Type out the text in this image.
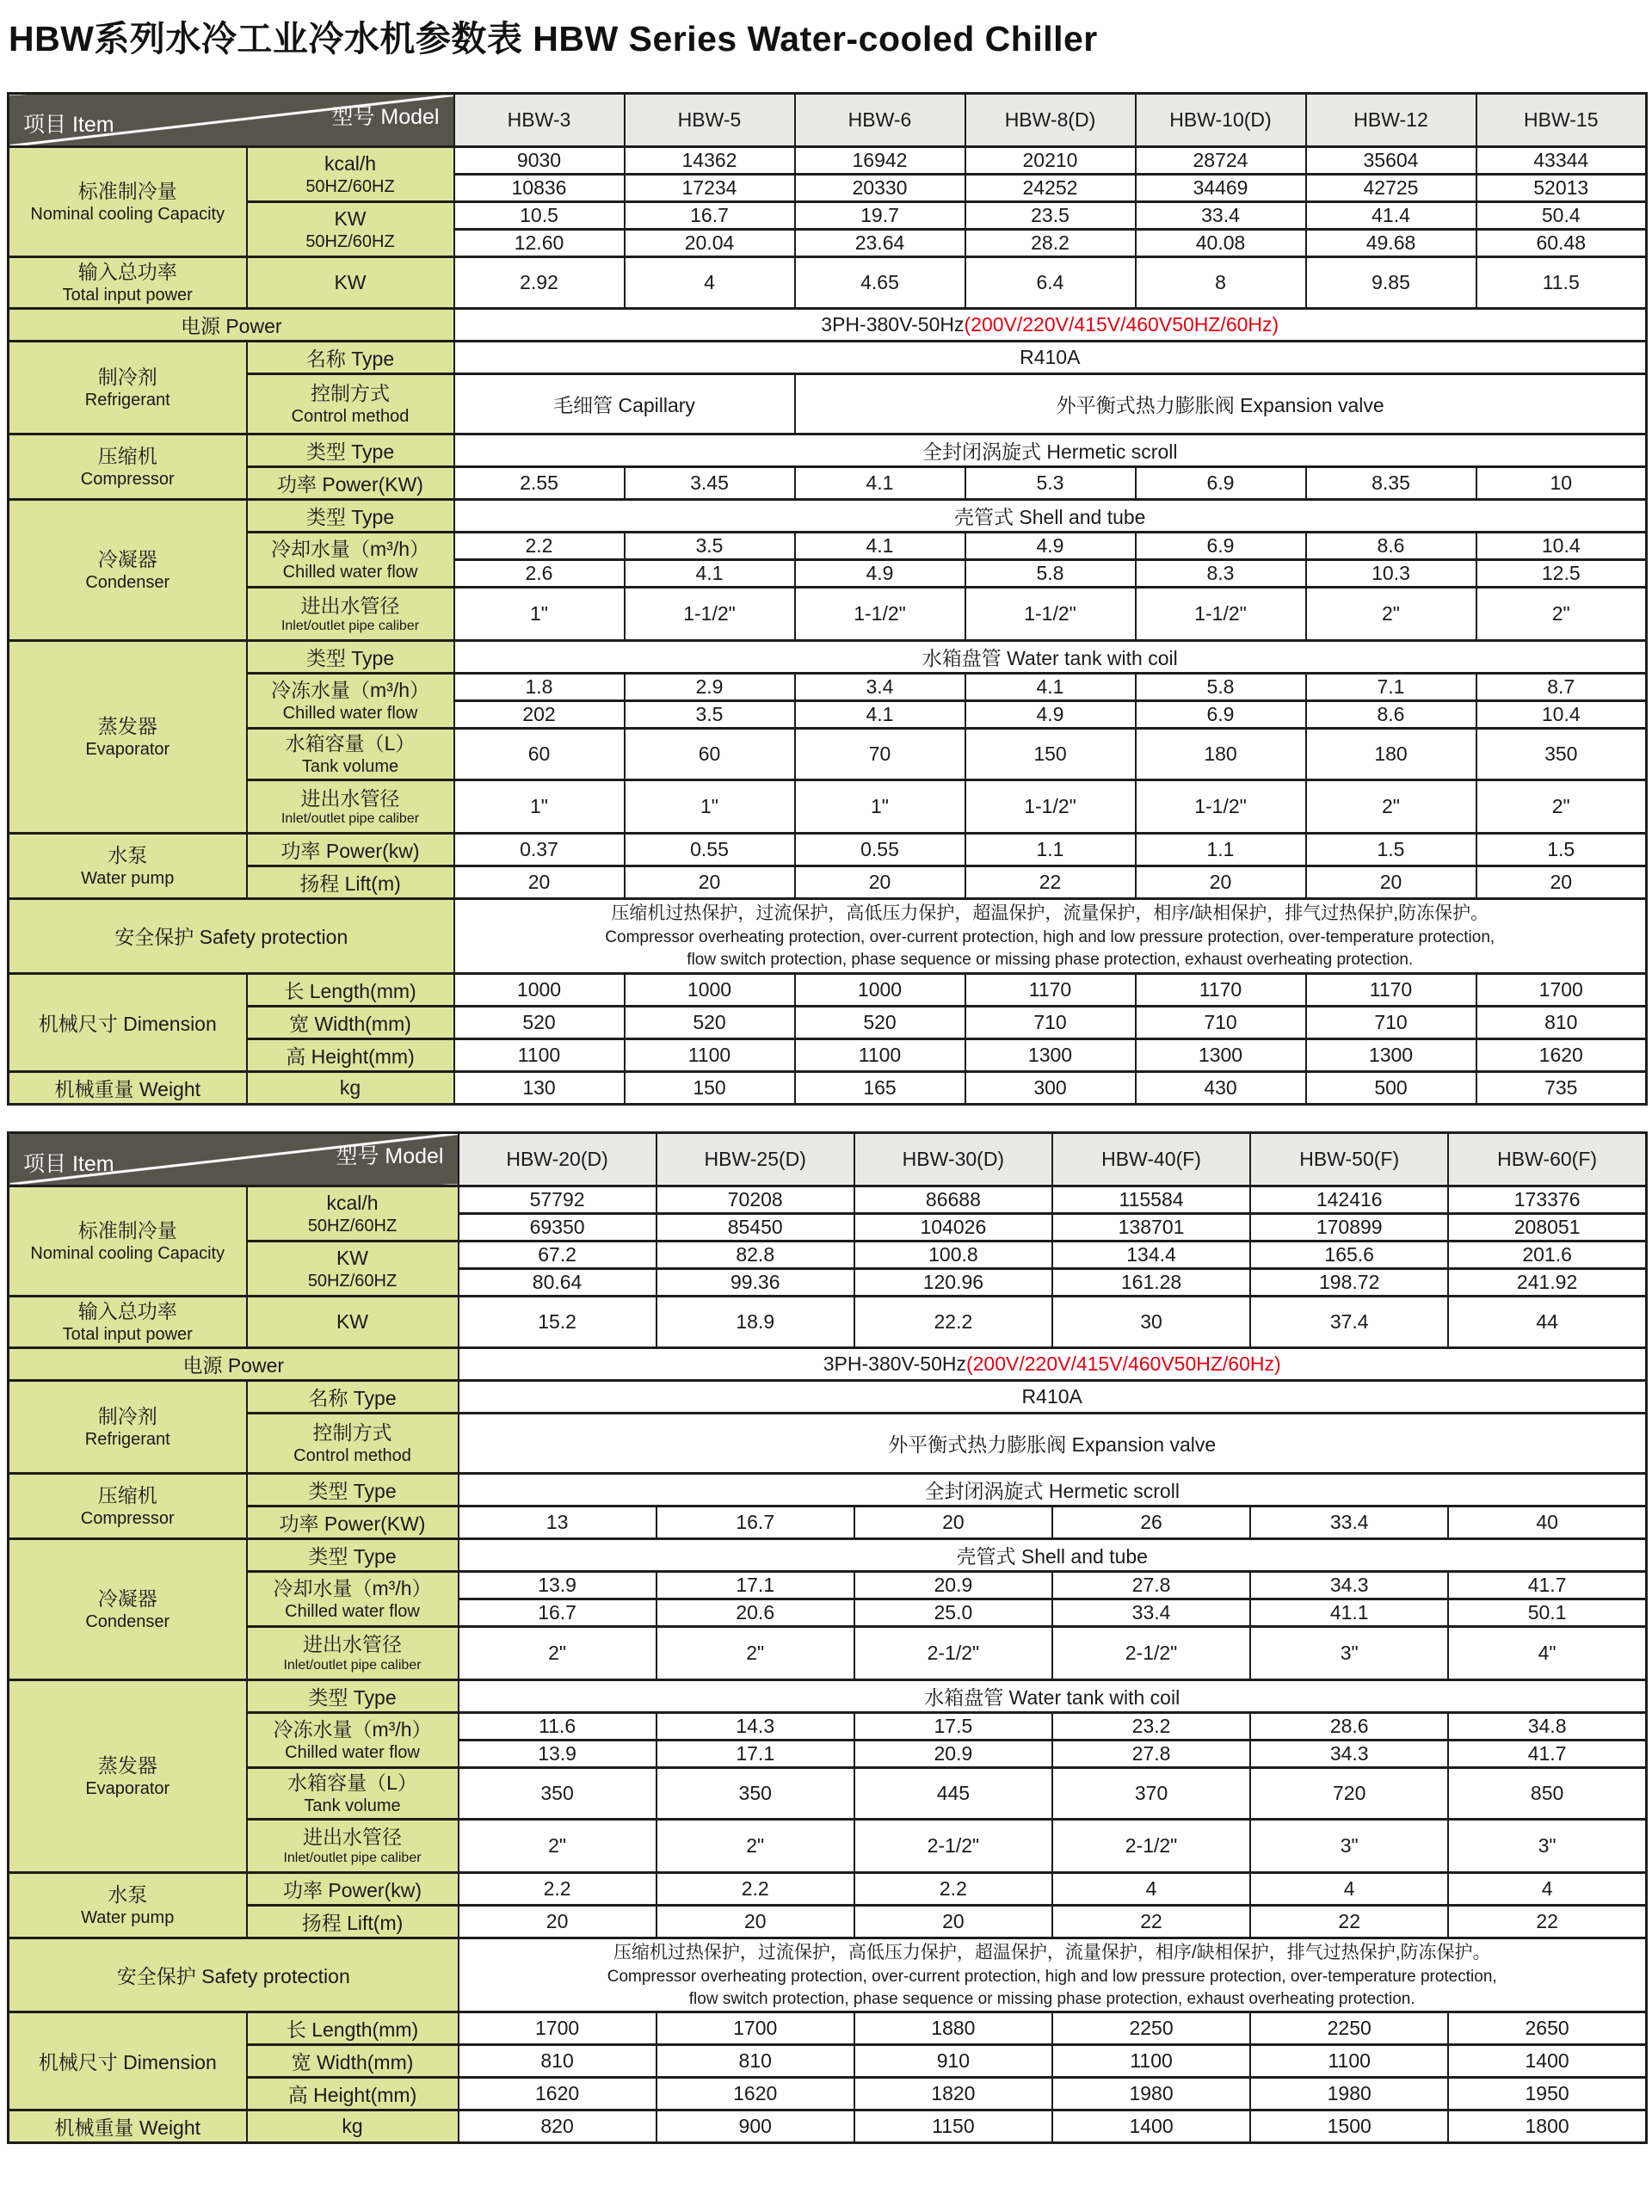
HBW系列水冷工业冷水机参数表 HBW Series Water-cooled Chiller
型号 Model
项目 Item		HBW-3	HBW-5	HBW-6	HBW-8(D)	HBW-10(D)	HBW-12	HBW-15

标准制冷量
Nominal cooling Capacity

kcal/h
50HZ/60HZ
	9030	14362	16942	20210	28724	35604	43344
		10836	17234	20330	24252	34469	42725	52013

	KW
50HZ/60HZ	10.5	16.7	19.7	23.5	33.4	41.4	50.4
		12.60	20.04	23.64	28.2	40.08	49.68	60.48

输入总功率
Total input power	KW	2.92	4	4.65	6.4	8	9.85	11.5
电源 Power		3PH-380V-50Hz(200V/220V/415V/460V50HZ/60Hz)						

制冷剂
Refrigerant	名称 Type	R410A						

	控制方式
Control method	毛细管 Capillary		外平衡式热力膨胀阀 Expansion valve				

压缩机
Compressor	类型 Type	全封闭涡旋式 Hermetic scroll						
	功率 Power(KW)	2.55	3.45	4.1	5.3	6.9	8.35	10

冷凝器
Condenser	类型 Type	壳管式 Shell and tube						

	冷却水量（m³/h）
Chilled water flow	2.2	3.5	4.1	4.9	6.9	8.6	10.4
		2.6	4.1	4.9	5.8	8.3	10.3	12.5

	进出水管径
Inlet/outlet pipe caliber	1"	1-1/2"	1-1/2"	1-1/2"	1-1/2"	2"	2"

蒸发器
Evaporator	类型 Type	水箱盘管 Water tank with coil						

	冷冻水量（m³/h）
Chilled water flow	1.8	2.9	3.4	4.1	5.8	7.1	8.7
		202	3.5	4.1	4.9	6.9	8.6	10.4

	水箱容量（L）
Tank volume	60	60	70	150	180	180	350

	进出水管径
Inlet/outlet pipe caliber	1"	1"	1"	1-1/2"	1-1/2"	2"	2"

水泵
Water pump	功率 Power(kw)	0.37	0.55	0.55	1.1	1.1	1.5	1.5
	扬程 Lift(m)	20	20	20	22	20	20	20
安全保护 Safety protection		压缩机过热保护，过流保护，高低压力保护，超温保护，流量保护，相序/缺相保护，排气过热保护,防冻保护。
Compressor overheating protection, over-current protection, high and low pressure protection, over-temperature protection,
flow switch protection, phase sequence or missing phase protection, exhaust overheating protection.						

机械尺寸 Dimension	长 Length(mm)	1000	1000	1000	1170	1170	1170	1700
	宽 Width(mm)	520	520	520	710	710	710	810
	高 Height(mm)	1100	1100	1100	1300	1300	1300	1620
机械重量 Weight	kg	130	150	165	300	430	500	735
型号 Model
项目 Item		HBW-20(D)	HBW-25(D)	HBW-30(D)	HBW-40(F)	HBW-50(F)	HBW-60(F)

标准制冷量
Nominal cooling Capacity

kcal/h
50HZ/60HZ
	57792	70208	86688	115584	142416	173376
		69350	85450	104026	138701	170899	208051

	KW
50HZ/60HZ	67.2	82.8	100.8	134.4	165.6	201.6
		80.64	99.36	120.96	161.28	198.72	241.92

输入总功率
Total input power	KW	15.2	18.9	22.2	30	37.4	44
电源 Power		3PH-380V-50Hz(200V/220V/415V/460V50HZ/60Hz)					

制冷剂
Refrigerant	名称 Type	R410A					

	控制方式
Control method	外平衡式热力膨胀阀 Expansion valve					

压缩机
Compressor	类型 Type	全封闭涡旋式 Hermetic scroll					
	功率 Power(KW)	13	16.7	20	26	33.4	40

冷凝器
Condenser	类型 Type	壳管式 Shell and tube					

	冷却水量（m³/h）
Chilled water flow	13.9	17.1	20.9	27.8	34.3	41.7
		16.7	20.6	25.0	33.4	41.1	50.1

	进出水管径
Inlet/outlet pipe caliber	2"	2"	2-1/2"	2-1/2"	3"	4"

蒸发器
Evaporator	类型 Type	水箱盘管 Water tank with coil					

	冷冻水量（m³/h）
Chilled water flow	11.6	14.3	17.5	23.2	28.6	34.8
		13.9	17.1	20.9	27.8	34.3	41.7

	水箱容量（L）
Tank volume	350	350	445	370	720	850

	进出水管径
Inlet/outlet pipe caliber	2"	2"	2-1/2"	2-1/2"	3"	3"

水泵
Water pump	功率 Power(kw)	2.2	2.2	2.2	4	4	4
	扬程 Lift(m)	20	20	20	22	22	22
安全保护 Safety protection		压缩机过热保护，过流保护，高低压力保护，超温保护，流量保护，相序/缺相保护，排气过热保护,防冻保护。
Compressor overheating protection, over-current protection, high and low pressure protection, over-temperature protection,
flow switch protection, phase sequence or missing phase protection, exhaust overheating protection.					

机械尺寸 Dimension	长 Length(mm)	1700	1700	1880	2250	2250	2650
	宽 Width(mm)	810	810	910	1100	1100	1400
	高 Height(mm)	1620	1620	1820	1980	1980	1950
机械重量 Weight	kg	820	900	1150	1400	1500	1800
